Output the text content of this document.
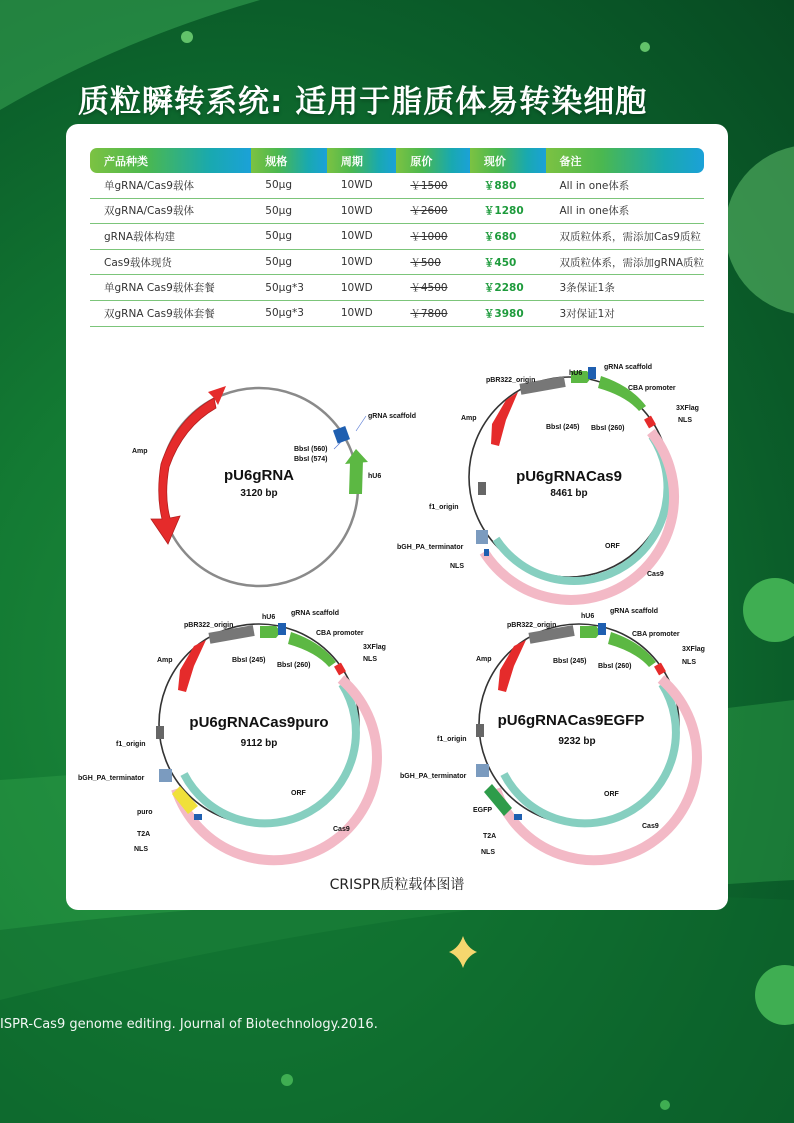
质粒瞬转系统: 适用于脂质体易转染细胞
产品种类	规格	周期	原价	现价	备注
单gRNA/Cas9载体	50μg	10WD	￥1500	￥880	All in one体系
双gRNA/Cas9载体	50μg	10WD	￥2600	￥1280	All in one体系
gRNA载体构建	50μg	10WD	￥1000	￥680	双质粒体系，需添加Cas9质粒
Cas9载体现货	50μg	10WD	￥500	￥450	双质粒体系，需添加gRNA质粒
单gRNA Cas9载体套餐	50μg*3	10WD	￥4500	￥2280	3条保证1条
双gRNA Cas9载体套餐	50μg*3	10WD	￥7800	￥3980	3对保证1对
gRNA scaffold
Amp	BbsI (560)
BbsI (574)
hU6
pU6gRNA
3120 bp
pBR322_origin
hU6
gRNA scaffold
CBA promoter
3XFlag
NLS
Amp
BbsI (245) BbsI (260)
f1_origin
bGH_PA_terminator
NLS
ORF
Cas9
pU6gRNACas9
8461 bp
pBR322_origin
hU6
gRNA scaffold
CBA promoter
3XFlag
NLS
Amp	BbsI (245)
BbsI (260)
f1_origin
bGH_PA_terminator
puro
T2A
NLS
ORF
Cas9
pU6gRNACas9puro
9112 bp
pBR322_origin
hU6
gRNA scaffold
CBA promoter
3XFlag
NLS
Amp	BbsI (245)
BbsI (260)
f1_origin
bGH_PA_terminator
EGFP
T2A
NLS
ORF
Cas9
pU6gRNACas9EGFP
9232 bp
CRISPR质粒载体图谱
ISPR-Cas9 genome editing. Journal of Biotechnology.2016.
